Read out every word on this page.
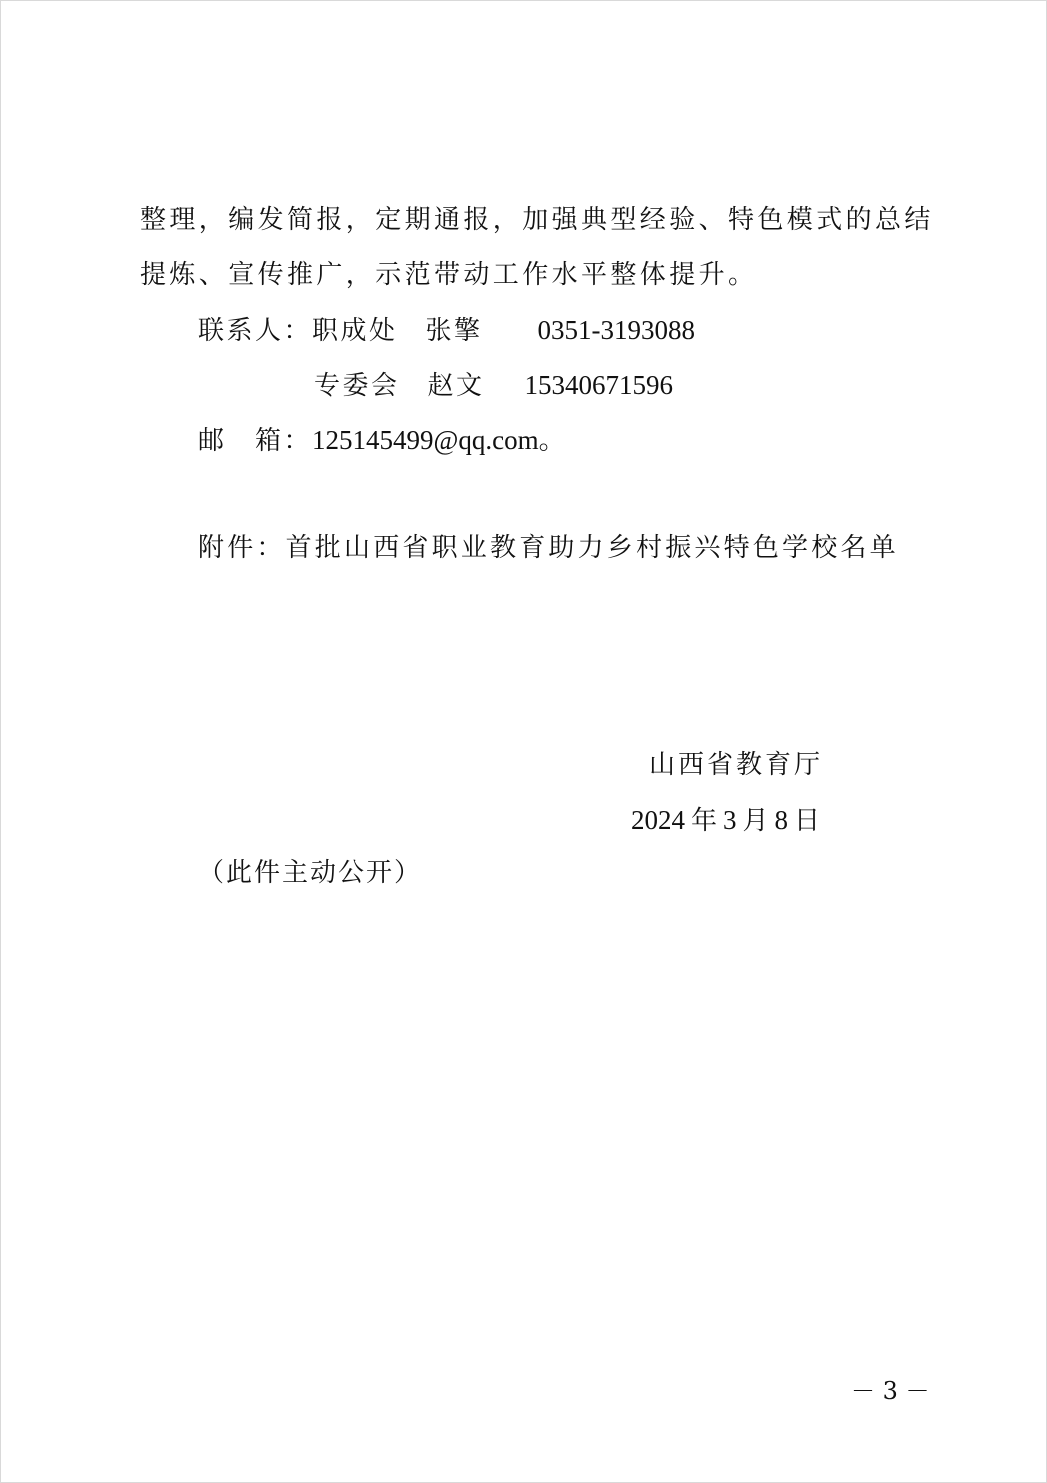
整理，编发简报，定期通报，加强典型经验、特色模式的总结
提炼、宣传推广，示范带动工作水平整体提升。
联系人：职成处 张擎 0351-3193088
专委会 赵文 15340671596
邮　箱：125145499@qq.com。
附件：首批山西省职业教育助力乡村振兴特色学校名单
山西省教育厅
2024 年 3 月 8 日
（此件主动公开）
－ 3 －
